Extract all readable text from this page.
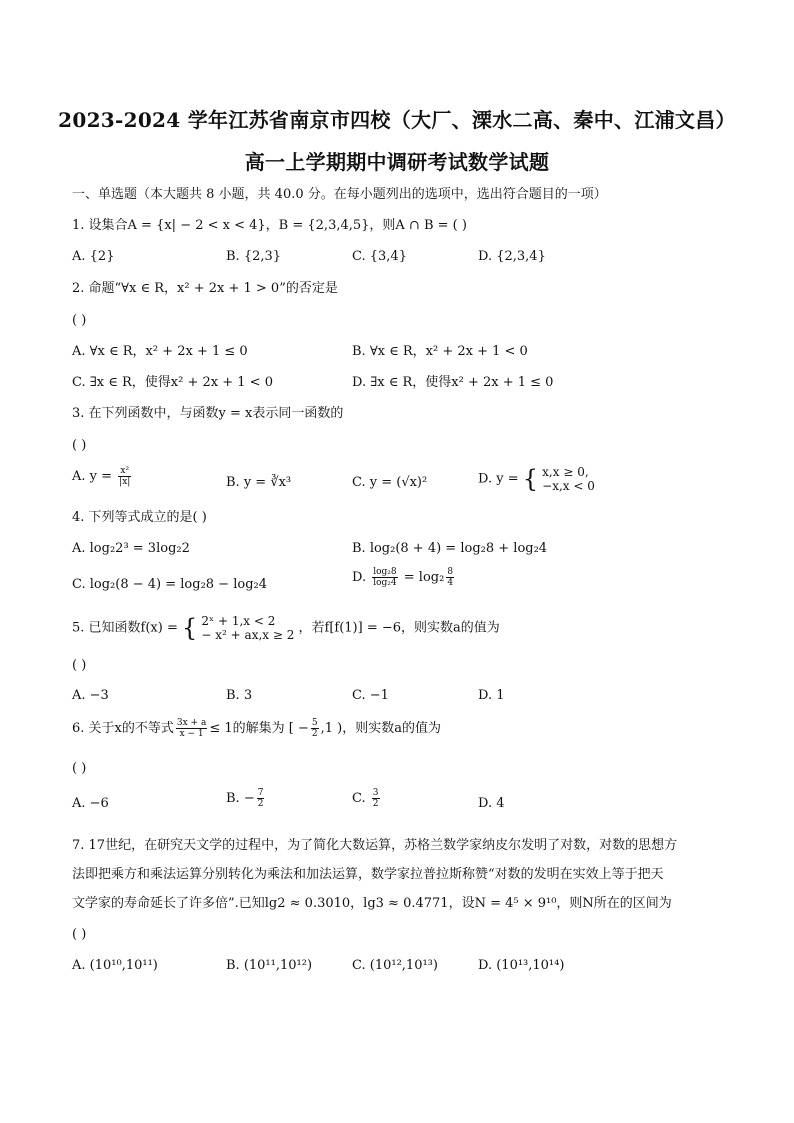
2023-2024 学年江苏省南京市四校（大厂、溧水二高、秦中、江浦文昌）
高一上学期期中调研考试数学试题
一、单选题（本大题共 8 小题，共 40.0 分。在每小题列出的选项中，选出符合题目的一项）
1. 设集合A = {x| − 2 < x < 4}，B = {2,3,4,5}，则A ∩ B = ( )
A. {2}	B. {2,3}	C. {3,4}	D. {2,3,4}
2. 命题“∀x ∈ R，x² + 2x + 1 > 0”的否定是
( )
A. ∀x ∈ R，x² + 2x + 1 ≤ 0	B. ∀x ∈ R，x² + 2x + 1 < 0
C. ∃x ∈ R，使得x² + 2x + 1 < 0	D. ∃x ∈ R，使得x² + 2x + 1 ≤ 0
3. 在下列函数中，与函数y = x表示同一函数的
( )
A. $y = \frac{\text{x²}}{|x|}$	B. y = ∛x³	C. y = (√x)²	D. y = { x,x ≥ 0,
−x,x < 0
4. 下列等式成立的是( )
A. log₂2³ = 3log₂2	B. log₂(8 + 4) = log₂8 + log₂4
C. log₂(8 − 4) = log₂8 − log₂4	D. $\frac{\text{log₂8}}{\text{log₂4}} = \log_2 \frac{8}{4}$
5. 已知函数f(x) = { 2ˣ + 1,x < 2
− x² + ax,x ≥ 2 ，若f[f(1)] = −6，则实数a的值为
( )
A. −3	B. 3	C. −1	D. 1
6. 关于x的不等式 $\frac{3x + a}{x - 1} \le 1$的解集为 [ − $\frac{5}{2} ,1$ )，则实数a的值为
( )
A. −6	B. − $\frac{7}{2}$	C. $\frac{3}{2}$	D. 4
7. 17世纪，在研究天文学的过程中，为了简化大数运算，苏格兰数学家纳皮尔发明了对数，对数的思想方
法即把乘方和乘法运算分别转化为乘法和加法运算，数学家拉普拉斯称赞“对数的发明在实效上等于把天
文学家的寿命延长了许多倍”.已知lg2 ≈ 0.3010，lg3 ≈ 0.4771，设N = 4⁵ × 9¹⁰，则N所在的区间为
( )
A. (10¹⁰,10¹¹)	B. (10¹¹,10¹²)	C. (10¹²,10¹³)	D. (10¹³,10¹⁴)
